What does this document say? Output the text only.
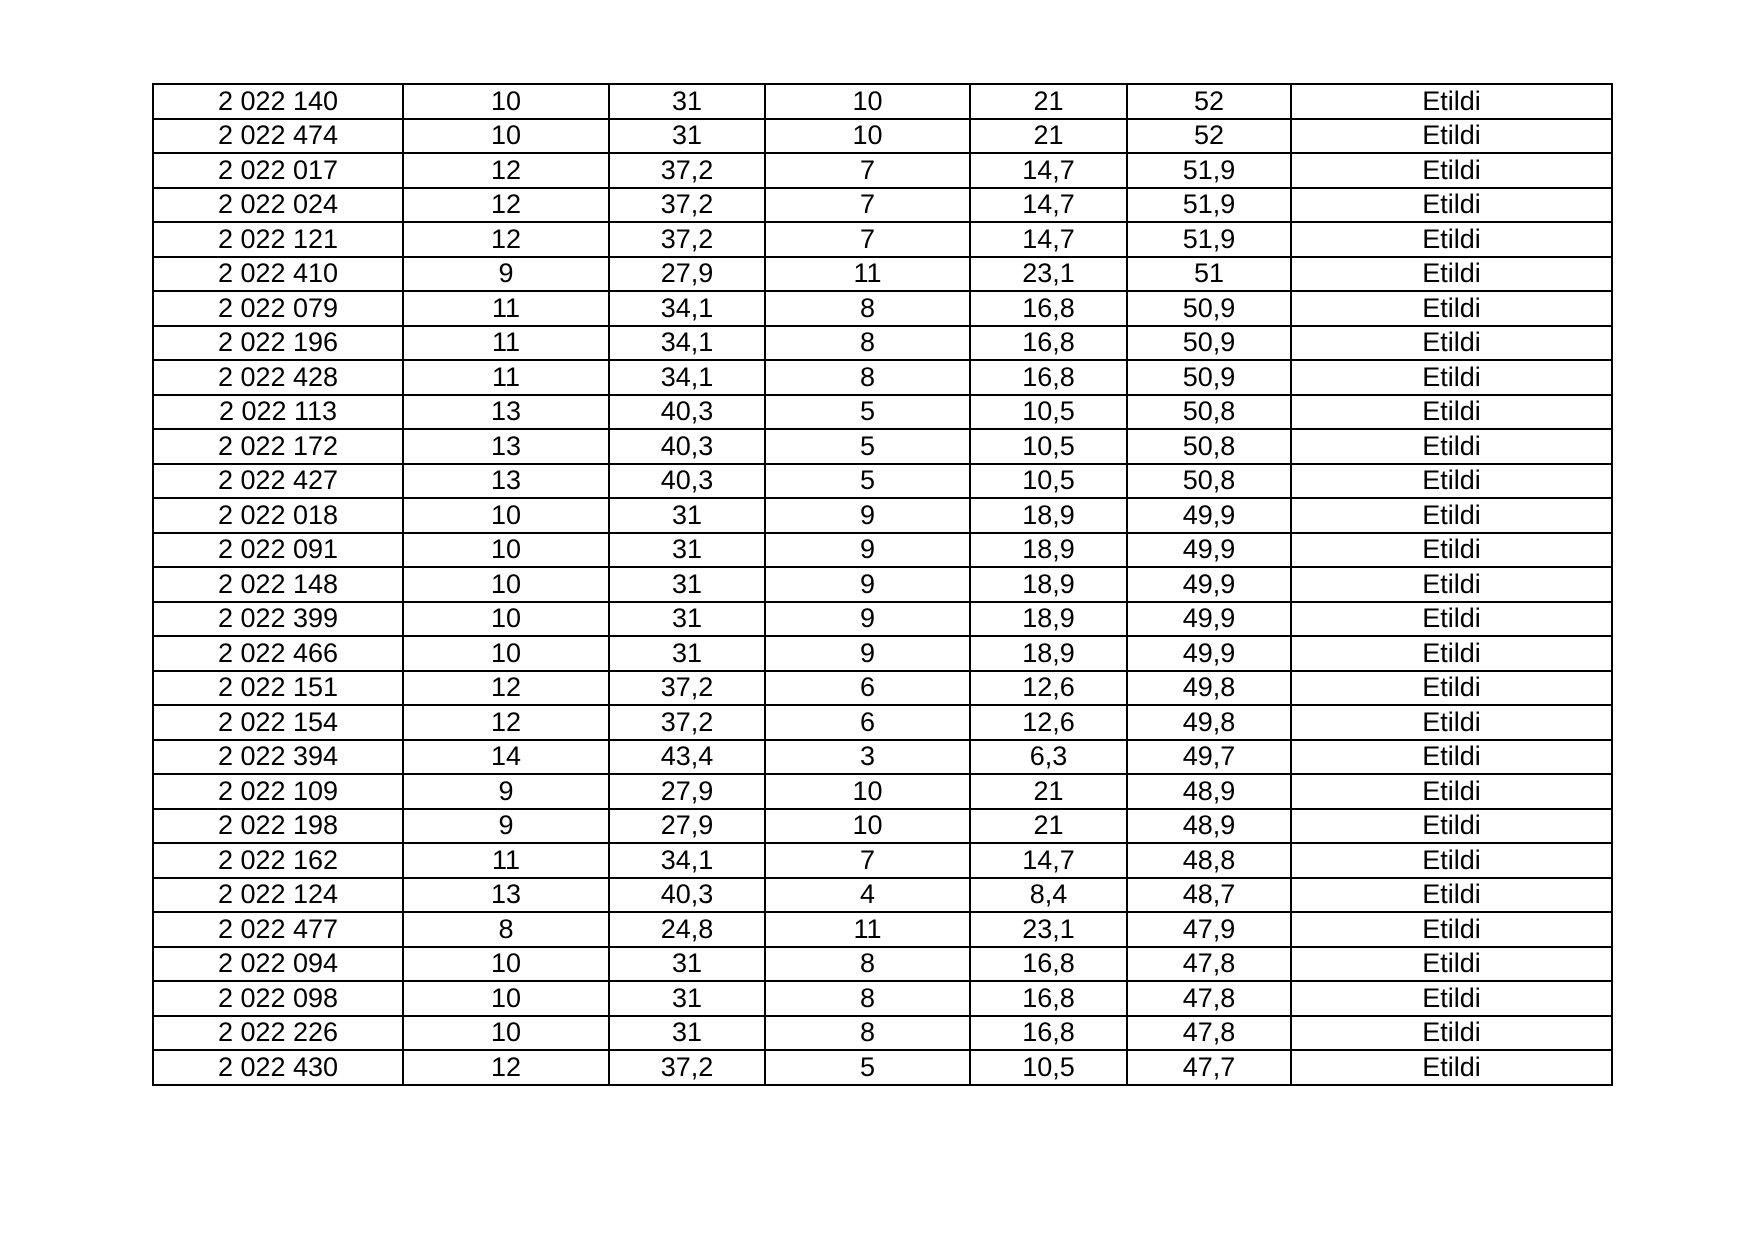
2 022 140	10	31	10	21	52	Etildi
2 022 474	10	31	10	21	52	Etildi
2 022 017	12	37,2	7	14,7	51,9	Etildi
2 022 024	12	37,2	7	14,7	51,9	Etildi
2 022 121	12	37,2	7	14,7	51,9	Etildi
2 022 410	9	27,9	11	23,1	51	Etildi
2 022 079	11	34,1	8	16,8	50,9	Etildi
2 022 196	11	34,1	8	16,8	50,9	Etildi
2 022 428	11	34,1	8	16,8	50,9	Etildi
2 022 113	13	40,3	5	10,5	50,8	Etildi
2 022 172	13	40,3	5	10,5	50,8	Etildi
2 022 427	13	40,3	5	10,5	50,8	Etildi
2 022 018	10	31	9	18,9	49,9	Etildi
2 022 091	10	31	9	18,9	49,9	Etildi
2 022 148	10	31	9	18,9	49,9	Etildi
2 022 399	10	31	9	18,9	49,9	Etildi
2 022 466	10	31	9	18,9	49,9	Etildi
2 022 151	12	37,2	6	12,6	49,8	Etildi
2 022 154	12	37,2	6	12,6	49,8	Etildi
2 022 394	14	43,4	3	6,3	49,7	Etildi
2 022 109	9	27,9	10	21	48,9	Etildi
2 022 198	9	27,9	10	21	48,9	Etildi
2 022 162	11	34,1	7	14,7	48,8	Etildi
2 022 124	13	40,3	4	8,4	48,7	Etildi
2 022 477	8	24,8	11	23,1	47,9	Etildi
2 022 094	10	31	8	16,8	47,8	Etildi
2 022 098	10	31	8	16,8	47,8	Etildi
2 022 226	10	31	8	16,8	47,8	Etildi
2 022 430	12	37,2	5	10,5	47,7	Etildi
